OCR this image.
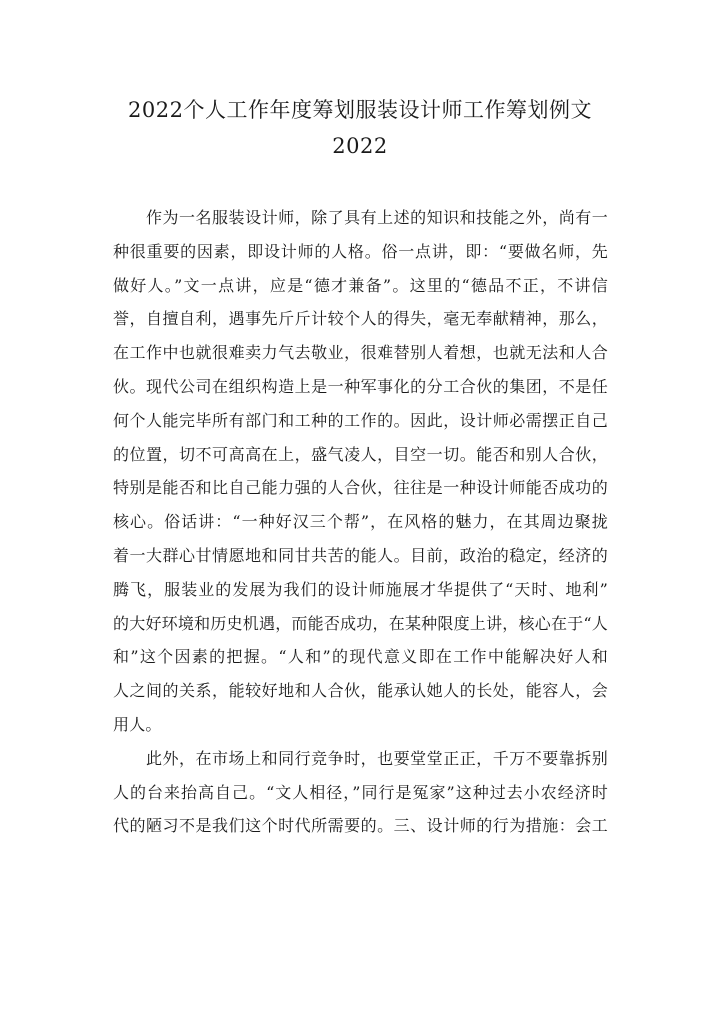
2022个人工作年度筹划服装设计师工作筹划例文
2022
作为一名服装设计师，除了具有上述的知识和技能之外，尚有一
种很重要的因素，即设计师的人格。俗一点讲，即：“要做名师，先
做好人。”文一点讲，应是“德才兼备”。这里的“德品不正，不讲信
誉，自擅自利，遇事先斤斤计较个人的得失，毫无奉献精神，那么，
在工作中也就很难卖力气去敬业，很难替别人着想，也就无法和人合
伙。现代公司在组织构造上是一种军事化的分工合伙的集团，不是任
何个人能完毕所有部门和工种的工作的。因此，设计师必需摆正自己
的位置，切不可高高在上，盛气凌人，目空一切。能否和别人合伙，
特别是能否和比自己能力强的人合伙，往往是一种设计师能否成功的
核心。俗话讲：“一种好汉三个帮”，在风格的魅力，在其周边聚拢
着一大群心甘情愿地和同甘共苦的能人。目前，政治的稳定，经济的
腾飞，服装业的发展为我们的设计师施展才华提供了“天时、地利”
的大好环境和历史机遇，而能否成功，在某种限度上讲，核心在于“人
和”这个因素的把握。“人和”的现代意义即在工作中能解决好人和
人之间的关系，能较好地和人合伙，能承认她人的长处，能容人，会
用人。
此外，在市场上和同行竞争时，也要堂堂正正，千万不要靠拆别
人的台来抬高自己。“文人相径，”同行是冤家”这种过去小农经济时
代的陋习不是我们这个时代所需要的。三、设计师的行为措施：会工
